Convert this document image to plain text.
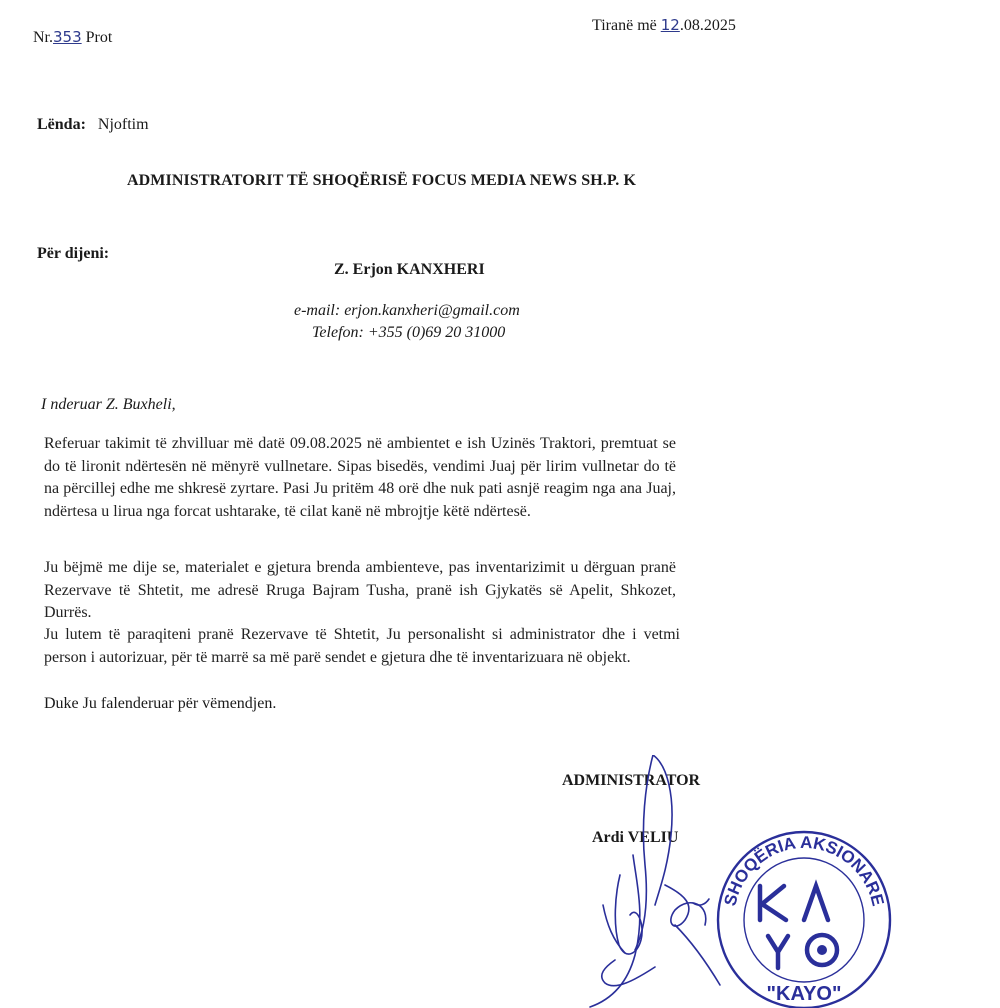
Nr.353 Prot
Tiranë më 12.08.2025
Lënda: Njoftim
ADMINISTRATORIT TË SHOQËRISË FOCUS MEDIA NEWS SH.P. K
Për dijeni:
Z. Erjon KANXHERI
e-mail: erjon.kanxheri@gmail.com
Telefon: +355 (0)69 20 31000
I nderuar Z. Buxheli,
Referuar takimit të zhvilluar më datë 09.08.2025 në ambientet e ish Uzinës Traktori, premtuat se do të lironit ndërtesën në mënyrë vullnetare. Sipas bisedës, vendimi Juaj për lirim vullnetar do të na përcillej edhe me shkresë zyrtare. Pasi Ju pritëm 48 orë dhe nuk pati asnjë reagim nga ana Juaj, ndërtesa u lirua nga forcat ushtarake, të cilat kanë në mbrojtje këtë ndërtesë.
Ju bëjmë me dije se, materialet e gjetura brenda ambienteve, pas inventarizimit u dërguan pranë Rezervave të Shtetit, me adresë Rruga Bajram Tusha, pranë ish Gjykatës së Apelit, Shkozet, Durrës.
Ju lutem të paraqiteni pranë Rezervave të Shtetit, Ju personalisht si administrator dhe i vetmi person i autorizuar, për të marrë sa më parë sendet e gjetura dhe të inventarizuara në objekt.
Duke Ju falenderuar për vëmendjen.
ADMINISTRATOR
Ardi VELIU
SHOQËRIA AKSIONARE
"KAYO"
